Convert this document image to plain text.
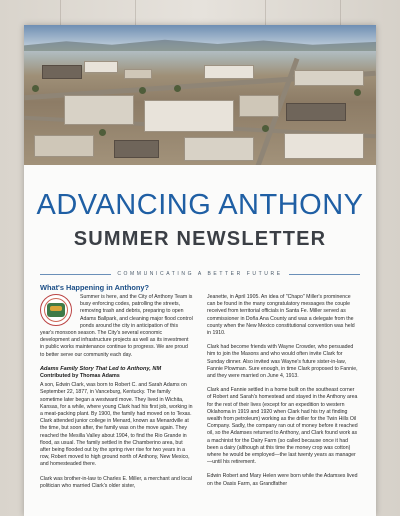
ADVANCING ANTHONY
SUMMER NEWSLETTER
COMMUNICATING A BETTER FUTURE
What's Happening in Anthony?

Summer is here, and the City of Anthony Team is busy enforcing codes, patrolling the streets, removing trash and debris, preparing to open Adams Ballpark, and cleaning major flood control ponds around the city in anticipation of this year's monsoon season. The City's several economic development and infrastructure projects as well as its investment in public works maintenance continue to progress. We are proud to better serve our community each day.

Adams Family Story That Led to Anthony, NM
Contributed by Thomas Adams

A son, Edwin Clark, was born to Robert C. and Sarah Adams on September 22, 1877, in Vanceburg, Kentucky. The family sometime later began a westward move. They lived in Wichita, Kansas, for a while, where young Clark had his first job, working in a meat-packing plant. By 1900, the family had moved on to Texas. Clark attended junior college in Menard, known as Menardville at the time, but soon after, the family was on the move again. They reached the Mesilla Valley about 1904, to find the Rio Grande in flood, as usual. The family settled in the Chamberino area, but after being flooded out by the spring river rise for two years in a row, Robert moved to high ground north of Anthony, New Mexico, and homesteaded there.

Clark was brother-in-law to Charles E. Miller, a merchant and local politician who married Clark's older sister,

Jeanette, in April 1905. An idea of "Chapo" Miller's prominence can be found in the many congratulatory messages the couple received from territorial officials in Santa Fe. Miller served as commissioner in Doña Ana County and was a delegate from the county when the New Mexico constitutional convention was held in 1910.

Clark had become friends with Wayne Crowder, who persuaded him to join the Masons and who would often invite Clark for Sunday dinner. Also invited was Wayne's future sister-in-law, Fannie Plowman. Sure enough, in time Clark proposed to Fannie, and they were married on June 4, 1913.

Clark and Fannie settled in a home built on the southeast corner of Robert and Sarah's homestead and stayed in the Anthony area for the rest of their lives (except for an expedition to western Oklahoma in 1919 and 1920 when Clark had his try at finding wealth from petroleum) working as the driller for the Twin Hills Oil Company. Sadly, the company ran out of money before it reached oil, so the Adamses returned to Anthony, and Clark found work as a machinist for the Dairy Farm (so called because once it had been a dairy (although at this time the money crop was cotton) where he would be employed—the last twenty years as manager—until his retirement.

Edwin Robert and Mary Helen were born while the Adamses lived on the Oasis Farm, as Grandfather
